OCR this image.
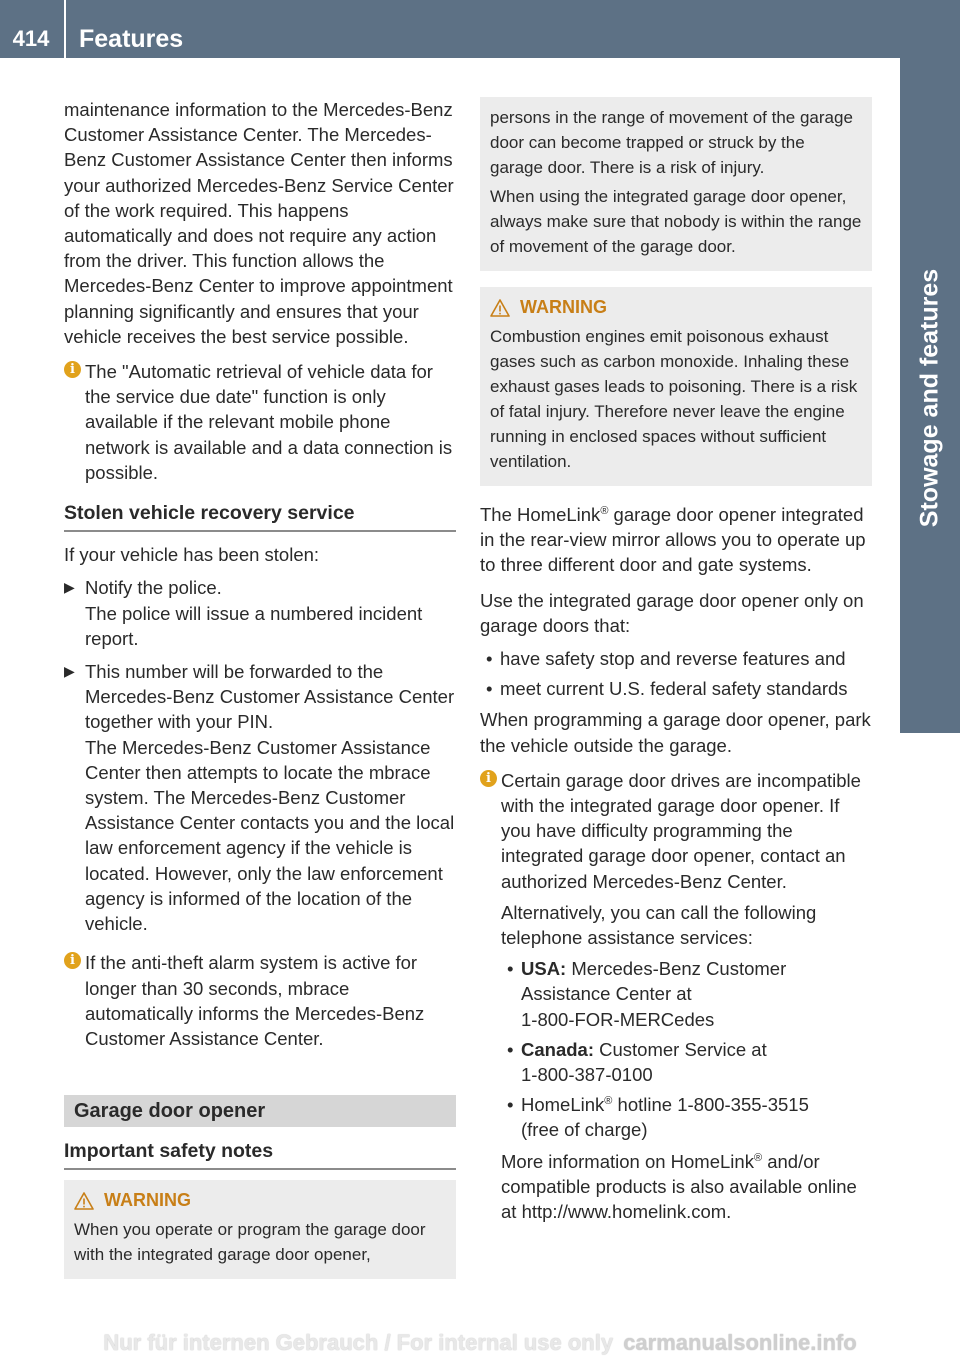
414	Features
Stowage and features

maintenance information to the Mercedes-Benz Customer Assistance Center. The Mercedes-Benz Customer Assistance Center then informs your authorized Mercedes-Benz Service Center of the work required. This happens automatically and does not require any action from the driver. This function allows the Mercedes-Benz Center to improve appointment planning significantly and ensures that your vehicle receives the best service possible.

i The "Automatic retrieval of vehicle data for the service due date" function is only available if the relevant mobile phone network is available and a data connection is possible.

Stolen vehicle recovery service

If your vehicle has been stolen:

▶ Notify the police.
The police will issue a numbered incident report.
▶ This number will be forwarded to the Mercedes-Benz Customer Assistance Center together with your PIN.
The Mercedes-Benz Customer Assistance Center then attempts to locate the mbrace system. The Mercedes-Benz Customer Assistance Center contacts you and the local law enforcement agency if the vehicle is located. However, only the law enforcement agency is informed of the location of the vehicle.
i If the anti-theft alarm system is active for longer than 30 seconds, mbrace automatically informs the Mercedes-Benz Customer Assistance Center.

Garage door opener
Important safety notes
WARNING

When you operate or program the garage door with the integrated garage door opener,

persons in the range of movement of the garage door can become trapped or struck by the garage door. There is a risk of injury.

When using the integrated garage door opener, always make sure that nobody is within the range of movement of the garage door.

WARNING

Combustion engines emit poisonous exhaust gases such as carbon monoxide. Inhaling these exhaust gases leads to poisoning. There is a risk of fatal injury. Therefore never leave the engine running in enclosed spaces without sufficient ventilation.

The HomeLink® garage door opener integrated in the rear-view mirror allows you to operate up to three different door and gate systems.

Use the integrated garage door opener only on garage doors that:

• have safety stop and reverse features and
• meet current U.S. federal safety standards

When programming a garage door opener, park the vehicle outside the garage.

i Certain garage door drives are incompatible with the integrated garage door opener. If you have difficulty programming the integrated garage door opener, contact an authorized Mercedes-Benz Center.

Alternatively, you can call the following telephone assistance services:

• USA: Mercedes-Benz Customer Assistance Center at
1-800-FOR-MERCedes
• Canada: Customer Service at
1-800-387-0100
• HomeLink® hotline 1-800-355-3515
(free of charge)

More information on HomeLink® and/or compatible products is also available online at http://www.homelink.com.

Nur für internen Gebrauch / For internal use only carmanualsonline.info
